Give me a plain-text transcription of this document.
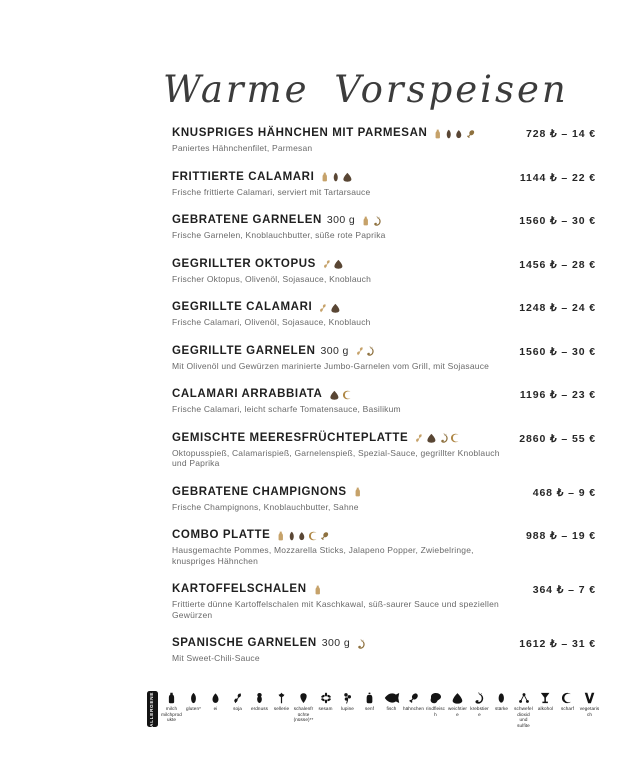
Warme Vorspeisen
KNUSPRIGES HÄHNCHEN MIT PARMESAN
Paniertes Hähnchenfilet, Parmesan
728 ₺ – 14 €
FRITTIERTE CALAMARI
Frische frittierte Calamari, serviert mit Tartarsauce
1144 ₺ – 22 €
GEBRATENE GARNELEN 300 g
Frische Garnelen, Knoblauchbutter, süße rote Paprika
1560 ₺ – 30 €
GEGRILLTER OKTOPUS
Frischer Oktopus, Olivenöl, Sojasauce, Knoblauch
1456 ₺ – 28 €
GEGRILLTE CALAMARI
Frische Calamari, Olivenöl, Sojasauce, Knoblauch
1248 ₺ – 24 €
GEGRILLTE GARNELEN 300 g
Mit Olivenöl und Gewürzen marinierte Jumbo-Garnelen vom Grill, mit Sojasauce
1560 ₺ – 30 €
CALAMARI ARRABBIATA
Frische Calamari, leicht scharfe Tomatensauce, Basilikum
1196 ₺ – 23 €
GEMISCHTE MEERESFRÜCHTEPLATTE
Oktopusspieß, Calamarispieß, Garnelenspieß, Spezial-Sauce, gegrillter Knoblauch und Paprika
2860 ₺ – 55 €
GEBRATENE CHAMPIGNONS
Frische Champignons, Knoblauchbutter, Sahne
468 ₺ – 9 €
COMBO PLATTE
Hausgemachte Pommes, Mozzarella Sticks, Jalapeno Popper, Zwiebelringe, knuspriges Hähnchen
988 ₺ – 19 €
KARTOFFELSCHALEN
Frittierte dünne Kartoffelschalen mit Kaschkawal, süß-saurer Sauce und speziellen Gewürzen
364 ₺ – 7 €
SPANISCHE GARNELEN 300 g
Mit Sweet-Chili-Sauce
1612 ₺ – 31 €
ALLERGENE	milch milchprodukte
gluten*	ei	soja erdnuss sellerie schalenfrüchte (nüsse)**
sesam lupine senf	fisch hähnchen rindfleisch
weichtiere
krebstiere
stärke schwefeldioxid und sulfite
alkohol scharf vegetarisch
